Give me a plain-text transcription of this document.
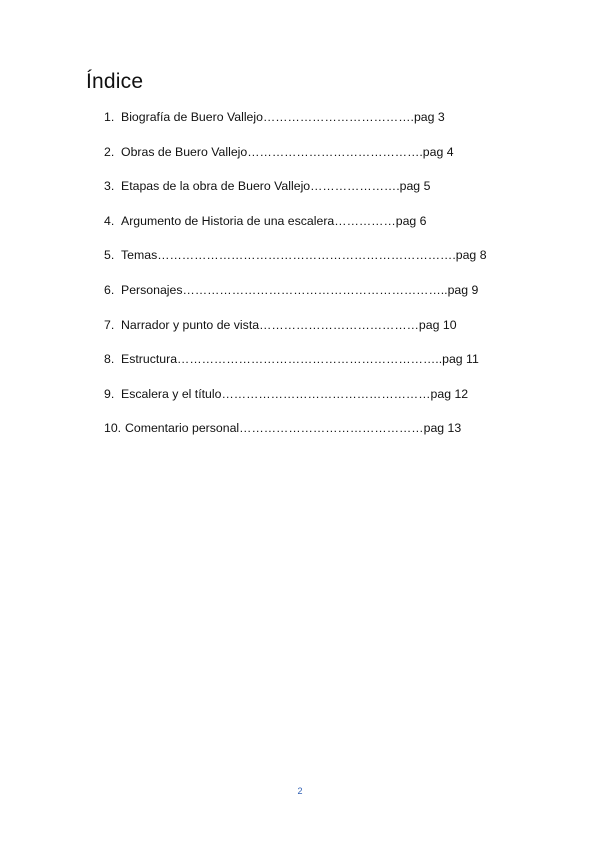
Índice
1. Biografía de Buero Vallejo……………………………….pag 3
2. Obras de Buero Vallejo…………………………………….pag 4
3. Etapas de la obra de Buero Vallejo………………….pag 5
4. Argumento de Historia de una escalera……………pag 6
5. Temas……………………………………………………………….pag 8
6. Personajes………………………………………………………..pag 9
7. Narrador y punto de vista…………………………………pag 10
8. Estructura………………………………………………………..pag 11
9. Escalera y el título……………………………………………pag 12
10. Comentario personal………………………………………pag 13
2
